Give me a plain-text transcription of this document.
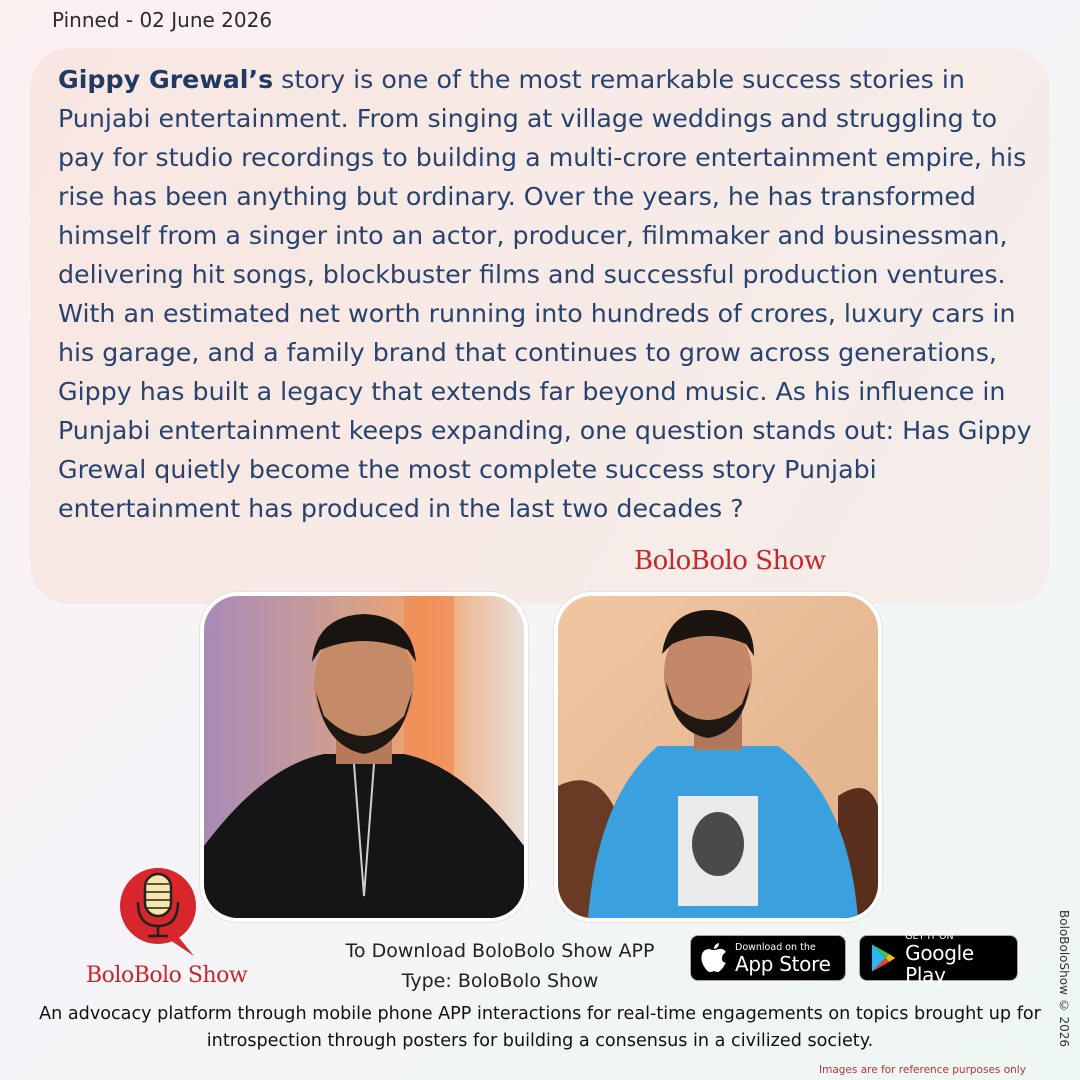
Pinned - 02 June 2026

Gippy Grewal’s story is one of the most remarkable success stories in Punjabi entertainment. From singing at village weddings and struggling to pay for studio recordings to building a multi-crore entertainment empire, his rise has been anything but ordinary. Over the years, he has transformed himself from a singer into an actor, producer, filmmaker and businessman, delivering hit songs, blockbuster films and successful production ventures. With an estimated net worth running into hundreds of crores, luxury cars in his garage, and a family brand that continues to grow across generations, Gippy has built a legacy that extends far beyond music. As his influence in Punjabi entertainment keeps expanding, one question stands out: Has Gippy Grewal quietly become the most complete success story Punjabi entertainment has produced in the last two decades ?

BoloBolo Show
BoloBolo Show
To Download BoloBolo Show APP
Type: BoloBolo Show
Download on the
App Store
GET IT ON
Google Play

An advocacy platform through mobile phone APP interactions for real-time engagements on topics brought up for introspection through posters for building a consensus in a civilized society.	BoloBoloShow © 2026
Images are for reference purposes only
